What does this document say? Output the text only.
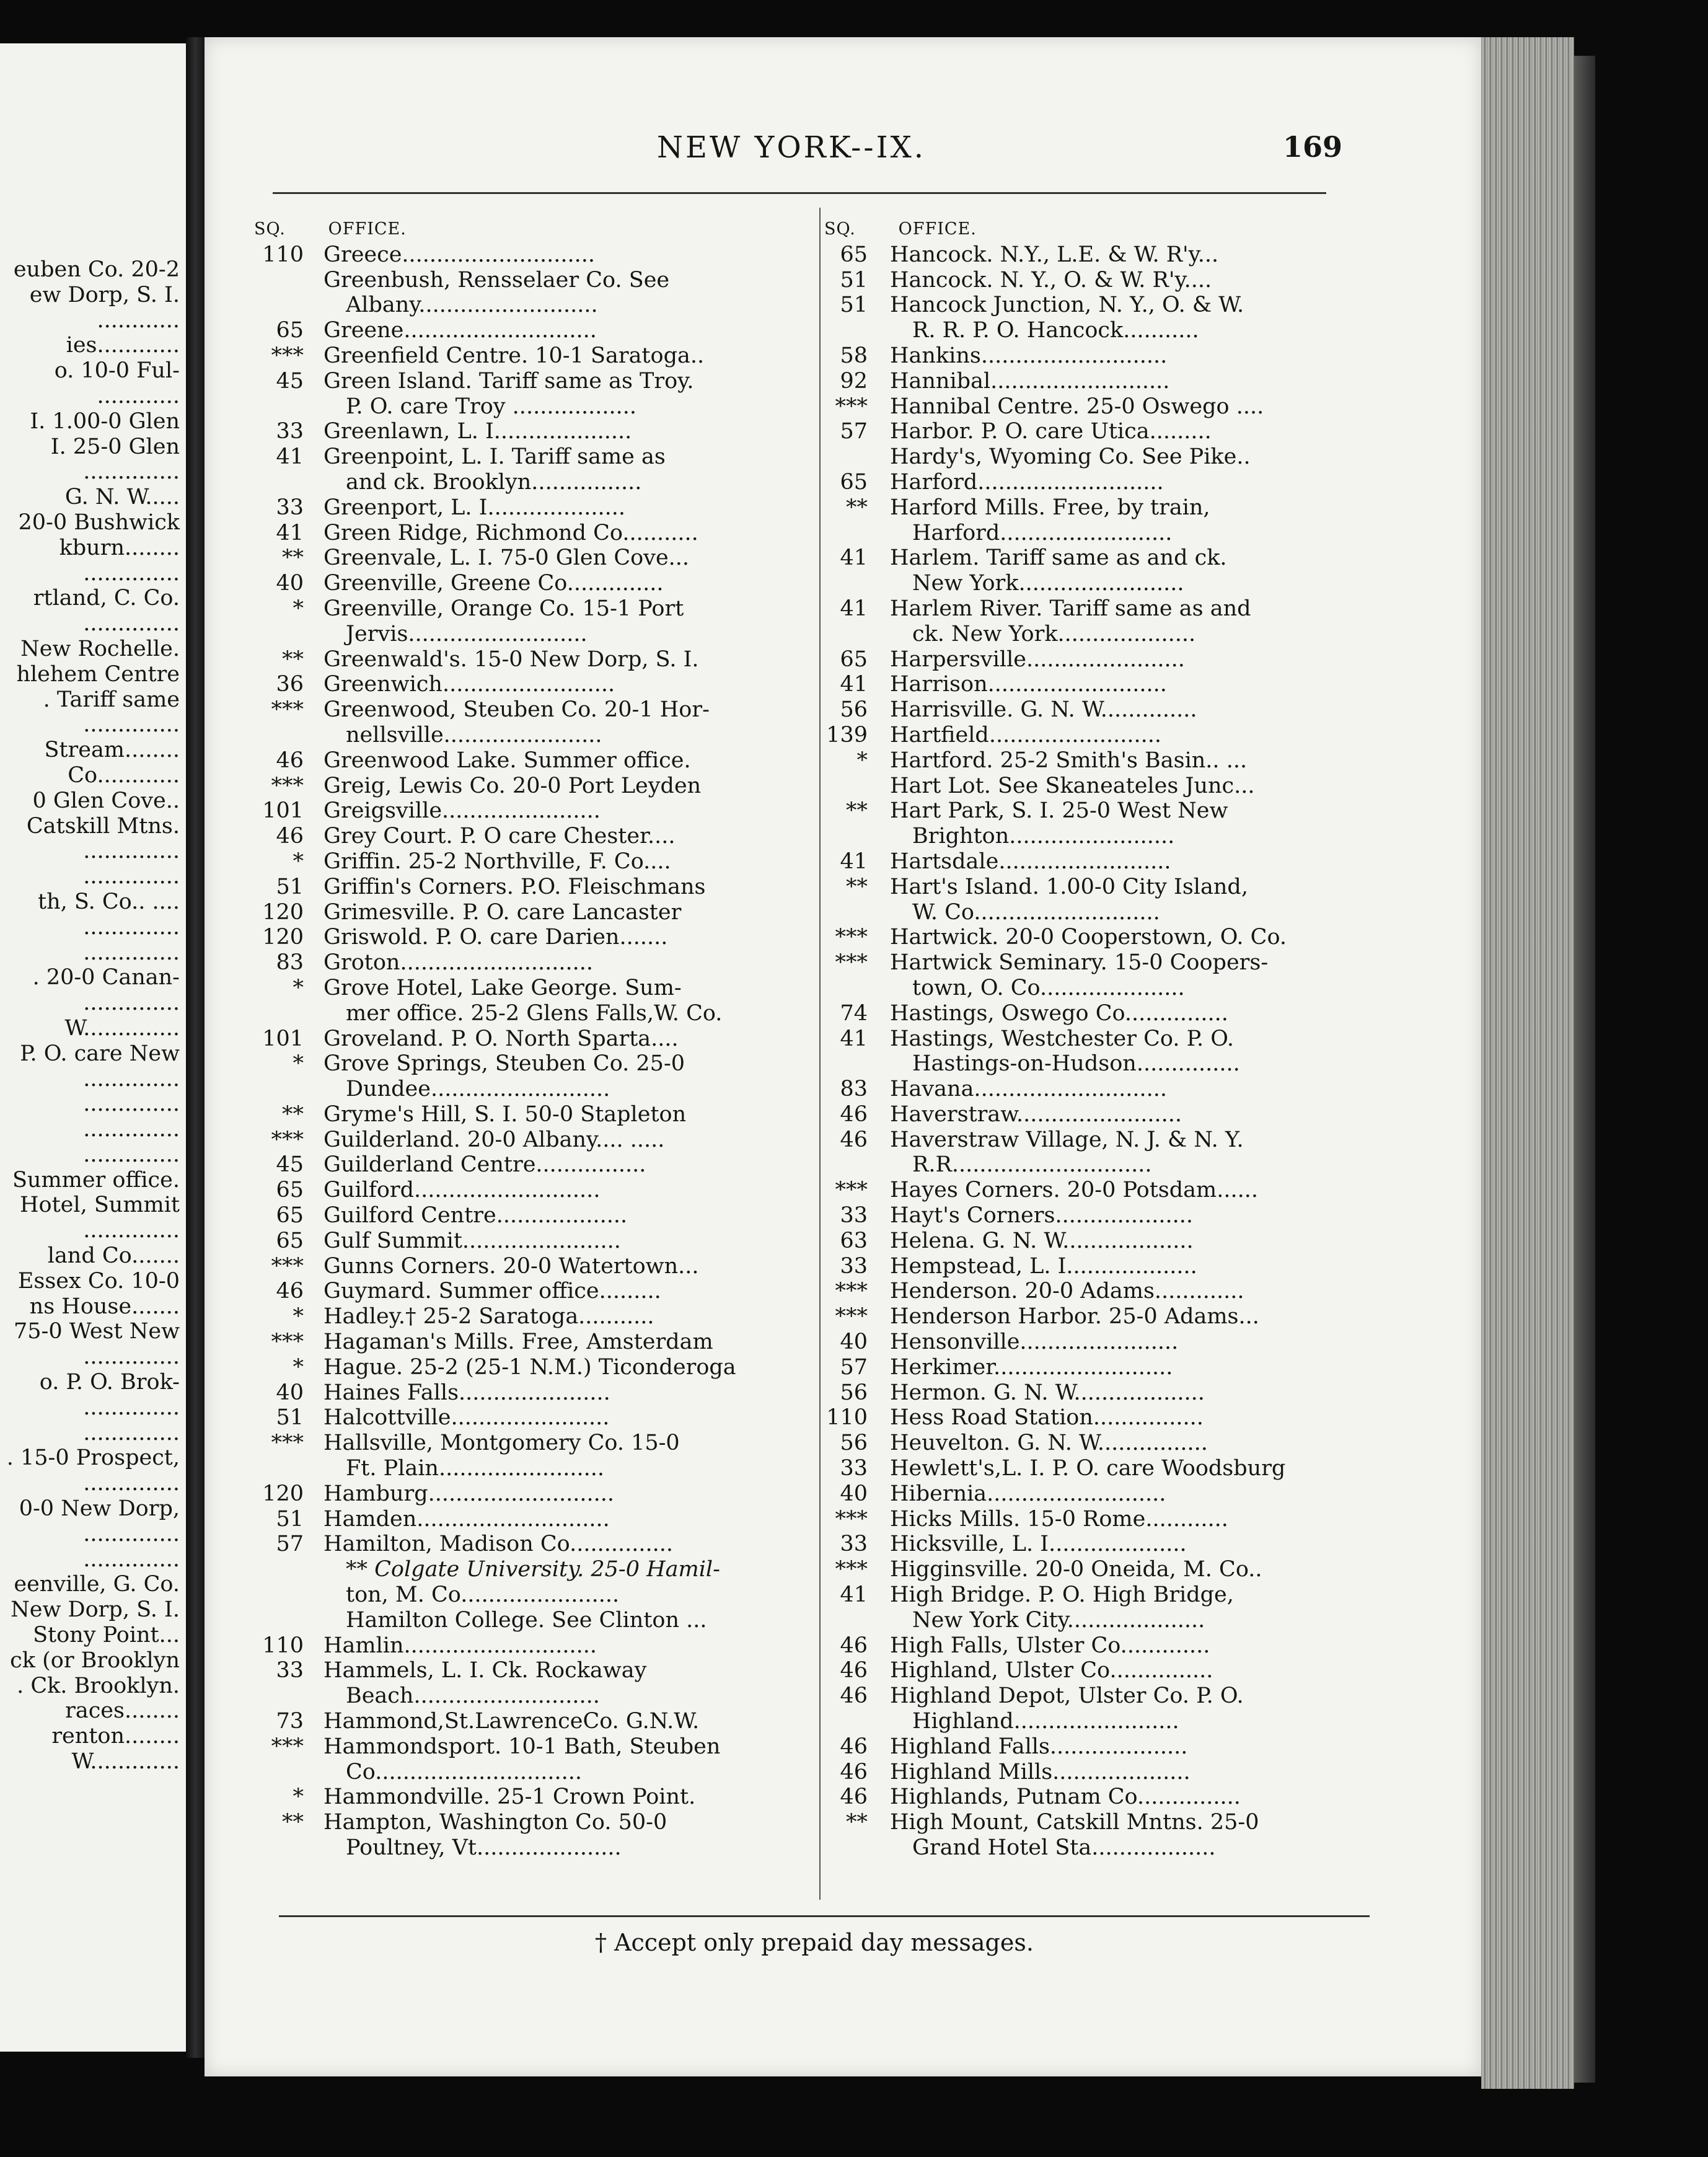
euben Co. 20-2
ew Dorp, S. I.
............
ies............
o. 10-0 Ful-
............
I. 1.00-0 Glen
I. 25-0 Glen
..............
G. N. W.....
20-0 Bushwick
kburn........
..............
rtland, C. Co.
..............
New Rochelle.
hlehem Centre
. Tariff same
..............
Stream........
Co............
0 Glen Cove..
Catskill Mtns.
..............
..............
th, S. Co.. ....
..............
..............
. 20-0 Canan-
..............
W..............
P. O. care New
..............
..............
..............
..............
Summer office.
Hotel, Summit
..............
land Co.......
Essex Co. 10-0
ns House.......
75-0 West New
..............
o. P. O. Brok-
..............
..............
. 15-0 Prospect,
..............
0-0 New Dorp,
..............
..............
eenville, G. Co.
New Dorp, S. I.
Stony Point...
ck (or Brooklyn
. Ck. Brooklyn.
races........
renton........
W.............
NEW YORK--IX.	169
SQ.	OFFICE.
110 Greece............................
Greenbush, Rensselaer Co. See
Albany..........................
65 Greene............................
*** Greenfield Centre. 10-1 Saratoga..
45 Green Island. Tariff same as Troy.
P. O. care Troy ..................
33 Greenlawn, L. I....................
41 Greenpoint, L. I. Tariff same as
and ck. Brooklyn................
33 Greenport, L. I....................
41 Green Ridge, Richmond Co...........
** Greenvale, L. I. 75-0 Glen Cove...
40 Greenville, Greene Co..............
* Greenville, Orange Co. 15-1 Port
Jervis..........................
** Greenwald's. 15-0 New Dorp, S. I.
36 Greenwich.........................
*** Greenwood, Steuben Co. 20-1 Hor-
nellsville.......................
46 Greenwood Lake. Summer office.
*** Greig, Lewis Co. 20-0 Port Leyden
101 Greigsville.......................
46 Grey Court. P. O care Chester....
* Griffin. 25-2 Northville, F. Co....
51 Griffin's Corners. P.O. Fleischmans
120 Grimesville. P. O. care Lancaster
120 Griswold. P. O. care Darien.......
83 Groton............................
* Grove Hotel, Lake George. Sum-
mer office. 25-2 Glens Falls,W. Co.
101 Groveland. P. O. North Sparta....
* Grove Springs, Steuben Co. 25-0
Dundee..........................
** Gryme's Hill, S. I. 50-0 Stapleton
*** Guilderland. 20-0 Albany.... .....
45 Guilderland Centre................
65 Guilford...........................
65 Guilford Centre...................
65 Gulf Summit.......................
*** Gunns Corners. 20-0 Watertown...
46 Guymard. Summer office.........
* Hadley.† 25-2 Saratoga...........
*** Hagaman's Mills. Free, Amsterdam
* Hague. 25-2 (25-1 N.M.) Ticonderoga
40 Haines Falls......................
51 Halcottville.......................
*** Hallsville, Montgomery Co. 15-0
Ft. Plain........................
120 Hamburg...........................
51 Hamden............................
57 Hamilton, Madison Co...............
** Colgate University. 25-0 Hamil-
ton, M. Co.......................
Hamilton College. See Clinton ...
110 Hamlin............................
33 Hammels, L. I. Ck. Rockaway
Beach...........................
73 Hammond,St.LawrenceCo. G.N.W.
*** Hammondsport. 10-1 Bath, Steuben
Co..............................
* Hammondville. 25-1 Crown Point.
** Hampton, Washington Co. 50-0
Poultney, Vt.....................
SQ.	OFFICE.
65 Hancock. N.Y., L.E. & W. R'y...
51 Hancock. N. Y., O. & W. R'y....
51 Hancock Junction, N. Y., O. & W.
R. R. P. O. Hancock...........
58 Hankins...........................
92 Hannibal..........................
*** Hannibal Centre. 25-0 Oswego ....
57 Harbor. P. O. care Utica.........
Hardy's, Wyoming Co. See Pike..
65 Harford...........................
** Harford Mills. Free, by train,
Harford.........................
41 Harlem. Tariff same as and ck.
New York........................
41 Harlem River. Tariff same as and
ck. New York....................
65 Harpersville.......................
41 Harrison..........................
56 Harrisville. G. N. W..............
139 Hartfield.........................
* Hartford. 25-2 Smith's Basin.. ...
Hart Lot. See Skaneateles Junc...
** Hart Park, S. I. 25-0 West New
Brighton........................
41 Hartsdale.........................
** Hart's Island. 1.00-0 City Island,
W. Co...........................
*** Hartwick. 20-0 Cooperstown, O. Co.
*** Hartwick Seminary. 15-0 Coopers-
town, O. Co.....................
74 Hastings, Oswego Co...............
41 Hastings, Westchester Co. P. O.
Hastings-on-Hudson...............
83 Havana............................
46 Haverstraw........................
46 Haverstraw Village, N. J. & N. Y.
R.R.............................
*** Hayes Corners. 20-0 Potsdam......
33 Hayt's Corners....................
63 Helena. G. N. W...................
33 Hempstead, L. I...................
*** Henderson. 20-0 Adams.............
*** Henderson Harbor. 25-0 Adams...
40 Hensonville.......................
57 Herkimer..........................
56 Hermon. G. N. W...................
110 Hess Road Station................
56 Heuvelton. G. N. W................
33 Hewlett's,L. I. P. O. care Woodsburg
40 Hibernia..........................
*** Hicks Mills. 15-0 Rome............
33 Hicksville, L. I....................
*** Higginsville. 20-0 Oneida, M. Co..
41 High Bridge. P. O. High Bridge,
New York City....................
46 High Falls, Ulster Co.............
46 Highland, Ulster Co...............
46 Highland Depot, Ulster Co. P. O.
Highland........................
46 Highland Falls....................
46 Highland Mills....................
46 Highlands, Putnam Co...............
** High Mount, Catskill Mntns. 25-0
Grand Hotel Sta..................
† Accept only prepaid day messages.
